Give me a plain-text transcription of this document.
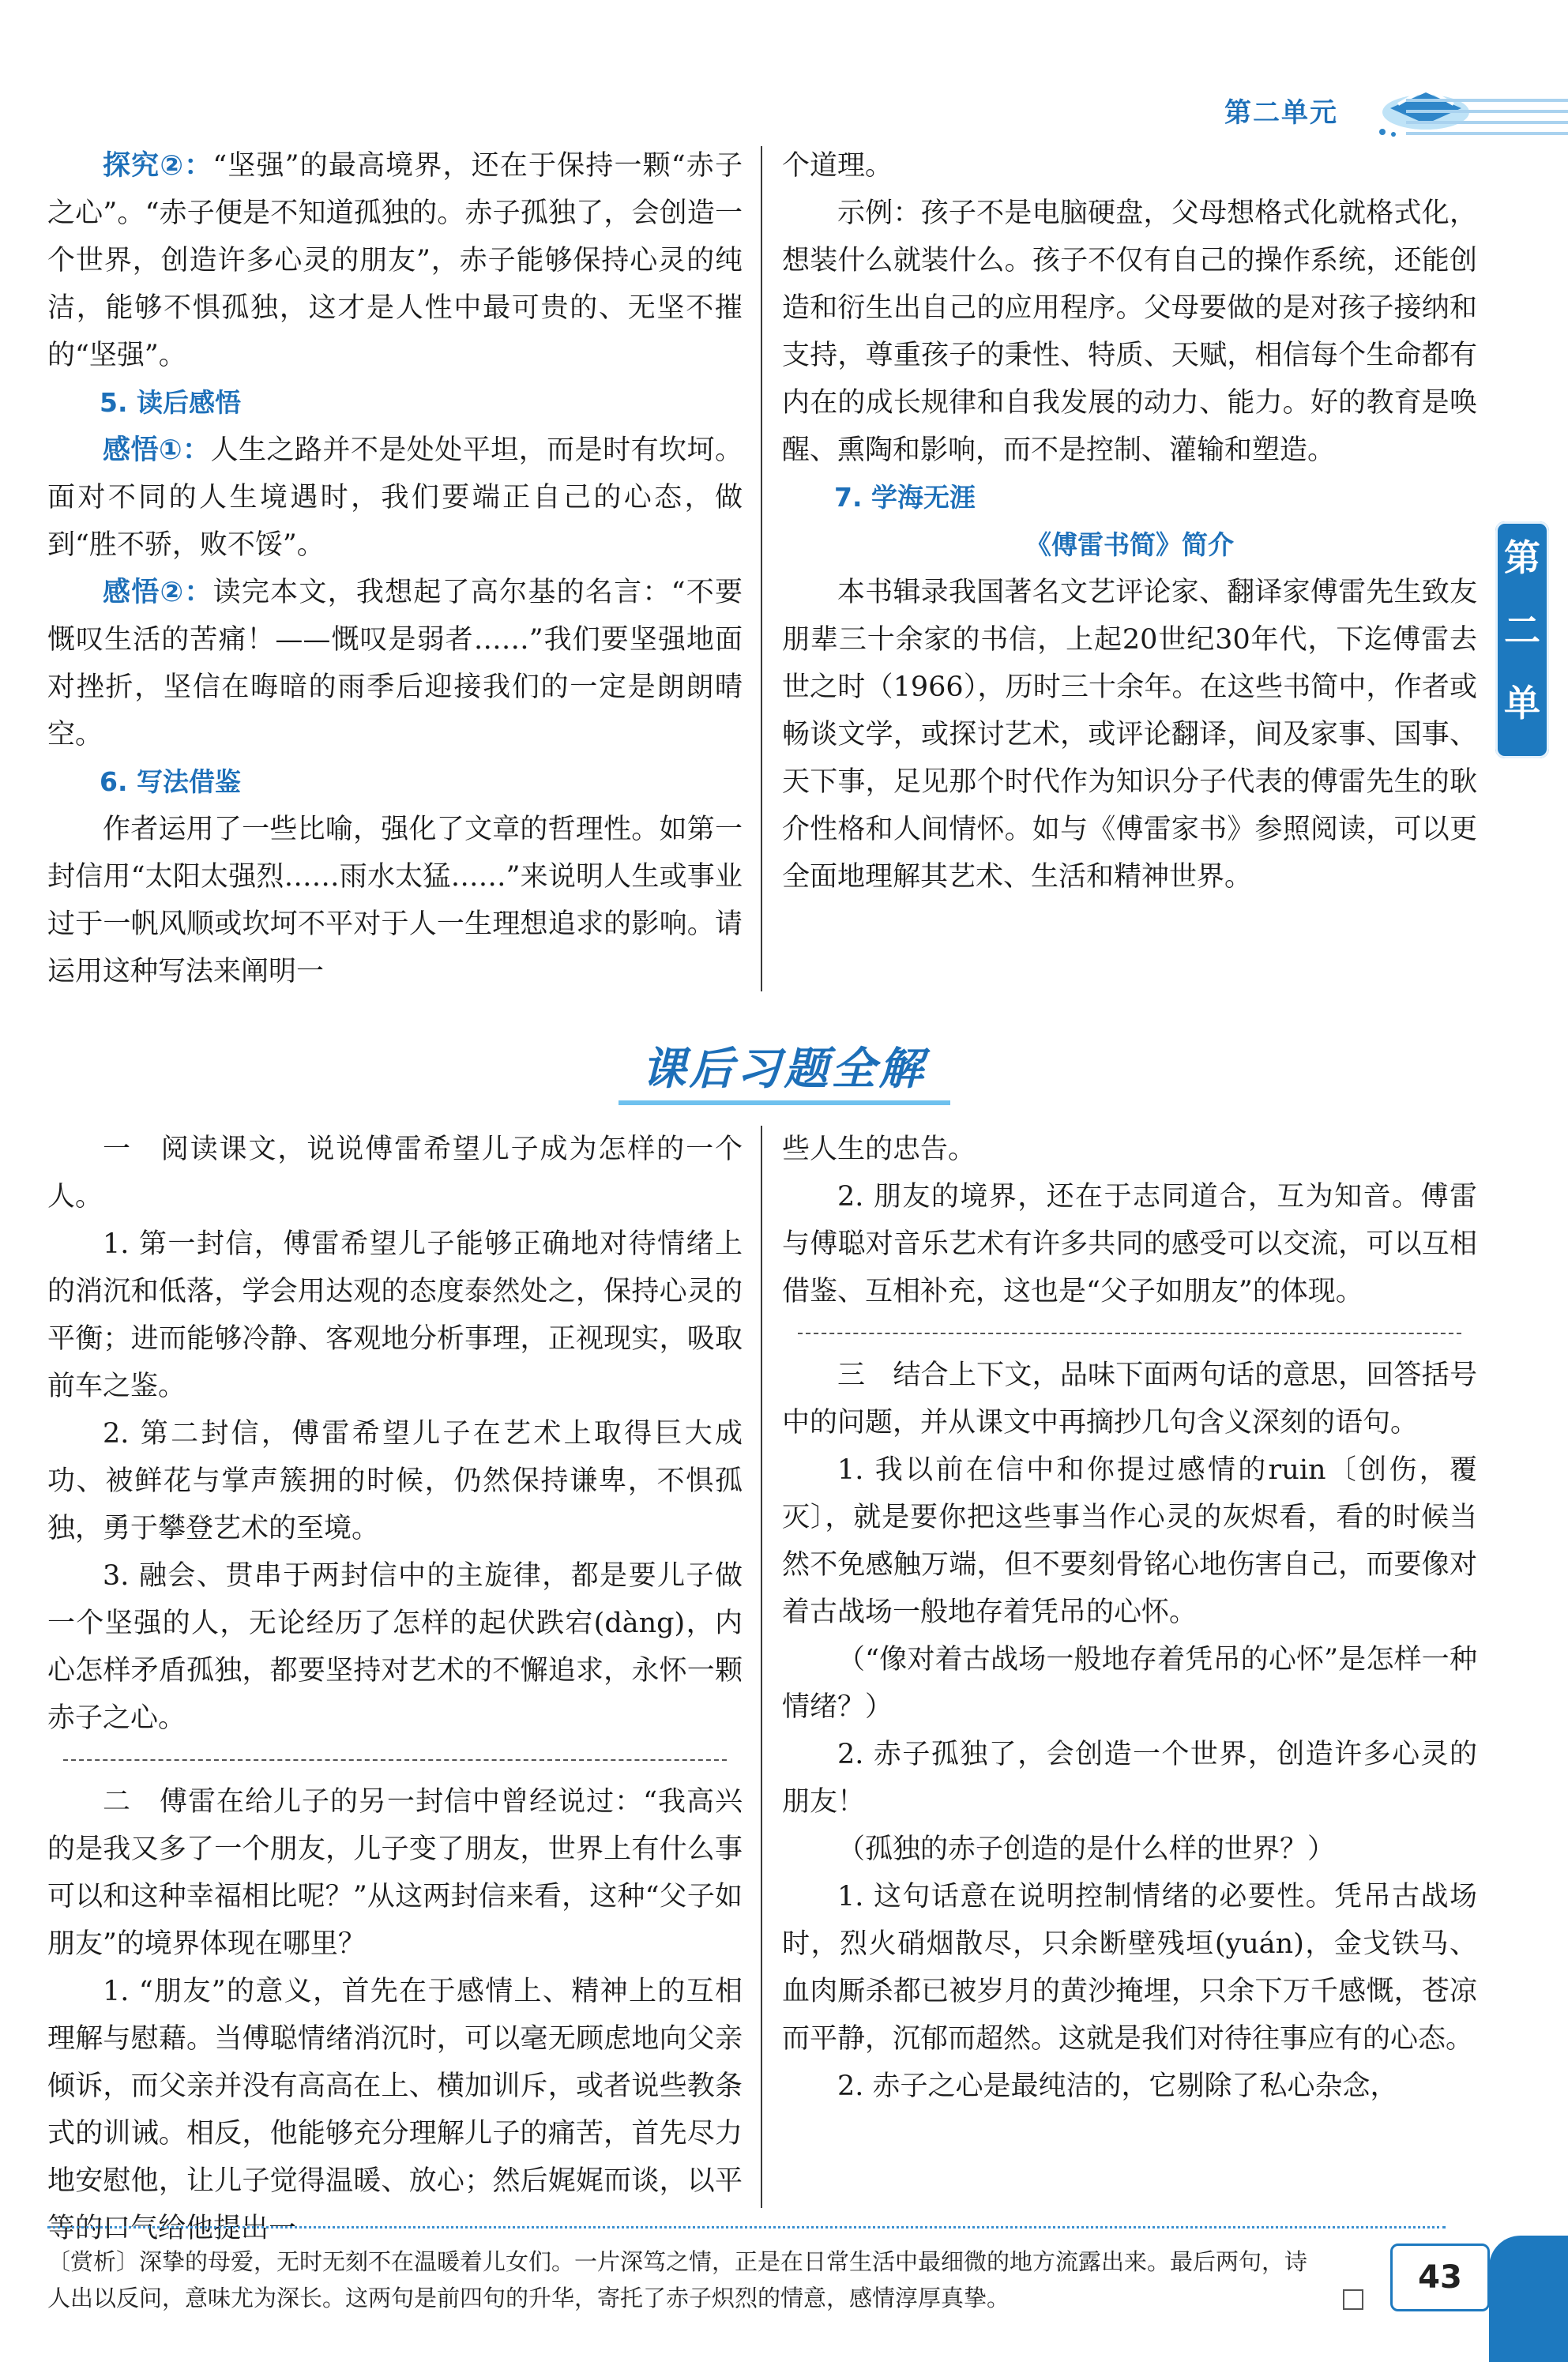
第二单元
第
二
单
元

探究②：“坚强”的最高境界，还在于保持一颗“赤子之心”。“赤子便是不知道孤独的。赤子孤独了，会创造一个世界，创造许多心灵的朋友”，赤子能够保持心灵的纯洁，能够不惧孤独，这才是人性中最可贵的、无坚不摧的“坚强”。

5. 读后感悟

感悟①：人生之路并不是处处平坦，而是时有坎坷。面对不同的人生境遇时，我们要端正自己的心态，做到“胜不骄，败不馁”。

感悟②：读完本文，我想起了高尔基的名言：“不要慨叹生活的苦痛！——慨叹是弱者……”我们要坚强地面对挫折，坚信在晦暗的雨季后迎接我们的一定是朗朗晴空。

6. 写法借鉴

作者运用了一些比喻，强化了文章的哲理性。如第一封信用“太阳太强烈……雨水太猛……”来说明人生或事业过于一帆风顺或坎坷不平对于人一生理想追求的影响。请运用这种写法来阐明一

个道理。

示例：孩子不是电脑硬盘，父母想格式化就格式化，想装什么就装什么。孩子不仅有自己的操作系统，还能创造和衍生出自己的应用程序。父母要做的是对孩子接纳和支持，尊重孩子的秉性、特质、天赋，相信每个生命都有内在的成长规律和自我发展的动力、能力。好的教育是唤醒、熏陶和影响，而不是控制、灌输和塑造。

7. 学海无涯

《傅雷书简》简介

本书辑录我国著名文艺评论家、翻译家傅雷先生致友朋辈三十余家的书信，上起20世纪30年代，下迄傅雷去世之时（1966），历时三十余年。在这些书简中，作者或畅谈文学，或探讨艺术，或评论翻译，间及家事、国事、天下事，足见那个时代作为知识分子代表的傅雷先生的耿介性格和人间情怀。如与《傅雷家书》参照阅读，可以更全面地理解其艺术、生活和精神世界。

课后习题全解

一　阅读课文，说说傅雷希望儿子成为怎样的一个人。

1. 第一封信，傅雷希望儿子能够正确地对待情绪上的消沉和低落，学会用达观的态度泰然处之，保持心灵的平衡；进而能够冷静、客观地分析事理，正视现实，吸取前车之鉴。

2. 第二封信，傅雷希望儿子在艺术上取得巨大成功、被鲜花与掌声簇拥的时候，仍然保持谦卑，不惧孤独，勇于攀登艺术的至境。

3. 融会、贯串于两封信中的主旋律，都是要儿子做一个坚强的人，无论经历了怎样的起伏跌宕(dàng)，内心怎样矛盾孤独，都要坚持对艺术的不懈追求，永怀一颗赤子之心。

二　傅雷在给儿子的另一封信中曾经说过：“我高兴的是我又多了一个朋友，儿子变了朋友，世界上有什么事可以和这种幸福相比呢？”从这两封信来看，这种“父子如朋友”的境界体现在哪里？

1. “朋友”的意义，首先在于感情上、精神上的互相理解与慰藉。当傅聪情绪消沉时，可以毫无顾虑地向父亲倾诉，而父亲并没有高高在上、横加训斥，或者说些教条式的训诫。相反，他能够充分理解儿子的痛苦，首先尽力地安慰他，让儿子觉得温暖、放心；然后娓娓而谈，以平等的口气给他提出一

些人生的忠告。

2. 朋友的境界，还在于志同道合，互为知音。傅雷与傅聪对音乐艺术有许多共同的感受可以交流，可以互相借鉴、互相补充，这也是“父子如朋友”的体现。

三　结合上下文，品味下面两句话的意思，回答括号中的问题，并从课文中再摘抄几句含义深刻的语句。

1. 我以前在信中和你提过感情的ruin〔创伤，覆灭〕，就是要你把这些事当作心灵的灰烬看，看的时候当然不免感触万端，但不要刻骨铭心地伤害自己，而要像对着古战场一般地存着凭吊的心怀。

（“像对着古战场一般地存着凭吊的心怀”是怎样一种情绪？）

2. 赤子孤独了，会创造一个世界，创造许多心灵的朋友！

（孤独的赤子创造的是什么样的世界？）

1. 这句话意在说明控制情绪的必要性。凭吊古战场时，烈火硝烟散尽，只余断壁残垣(yuán)，金戈铁马、血肉厮杀都已被岁月的黄沙掩埋，只余下万千感慨，苍凉而平静，沉郁而超然。这就是我们对待往事应有的心态。

2. 赤子之心是最纯洁的，它剔除了私心杂念，

〔赏析〕深挚的母爱，无时无刻不在温暖着儿女们。一片深笃之情，正是在日常生活中最细微的地方流露出来。最后两句，诗人出以反问，意味尤为深长。这两句是前四句的升华，寄托了赤子炽烈的情意，感情淳厚真挚。
43
